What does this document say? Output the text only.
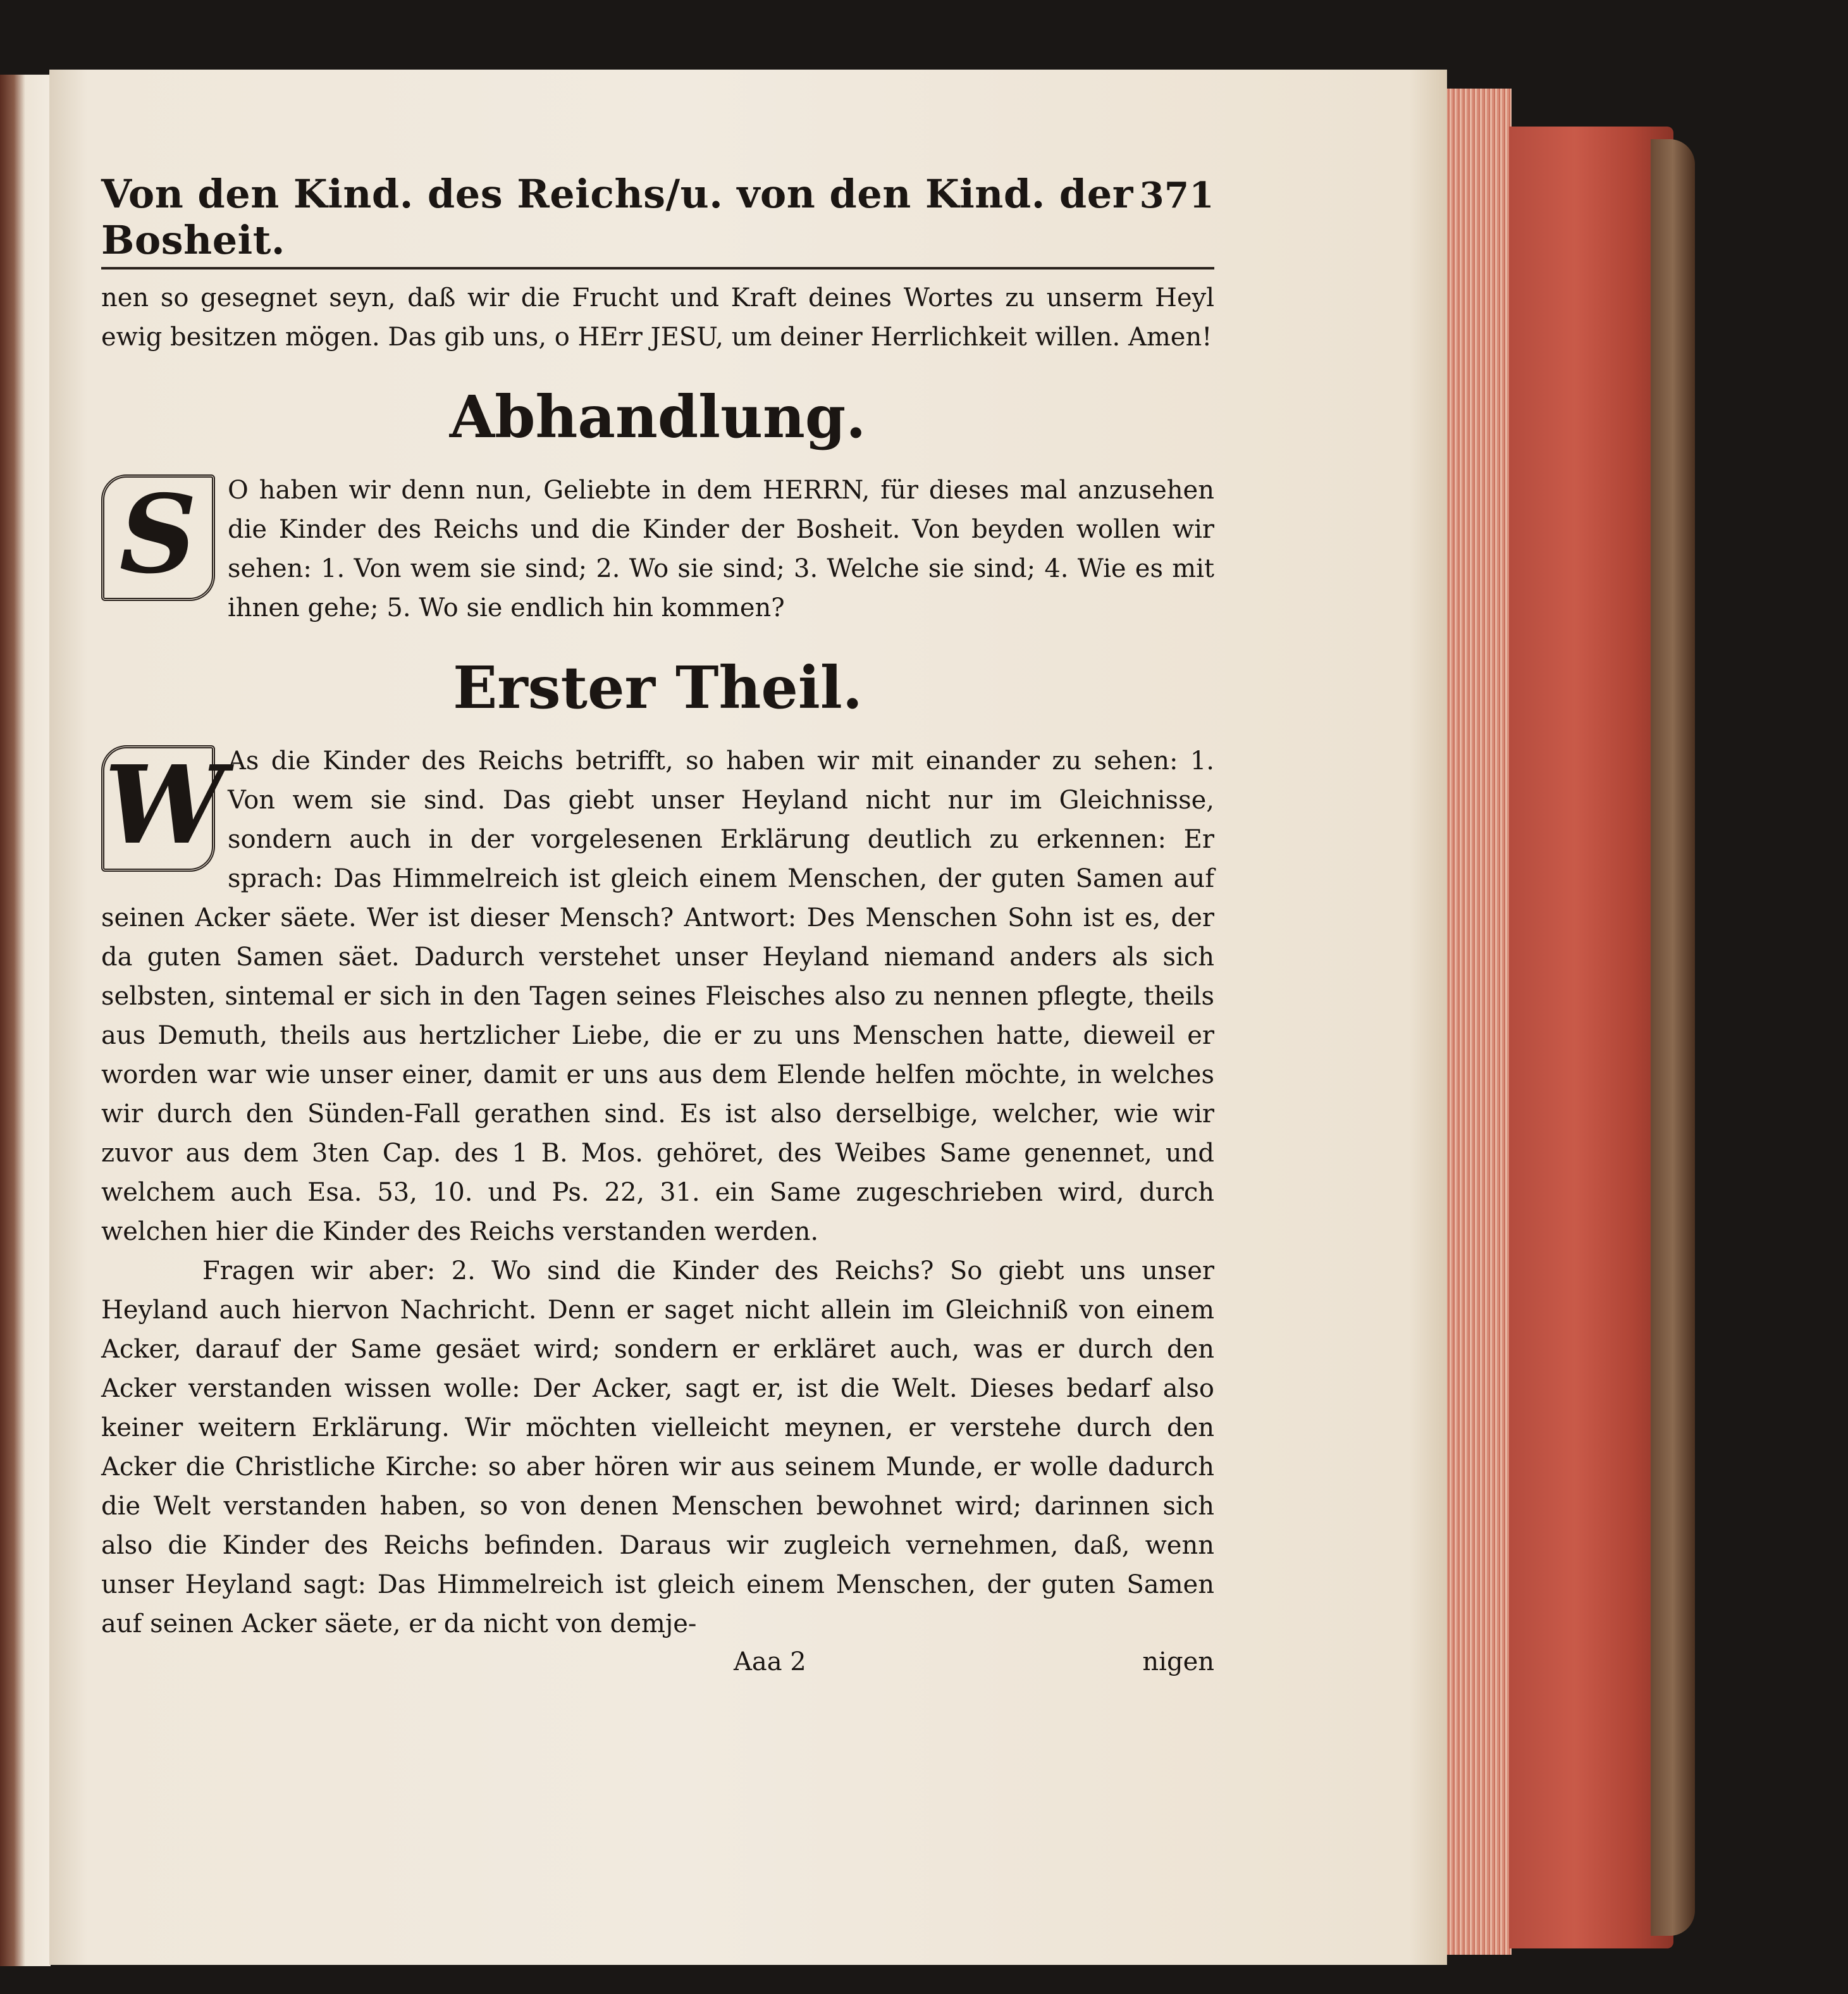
Von den Kind. des Reichs/u. von den Kind. der Bosheit.
371

nen so gesegnet seyn, daß wir die Frucht und Kraft deines Wortes zu unserm Heyl ewig besitzen mögen. Das gib uns, o HErr JESU, um deiner Herrlichkeit willen. Amen!

Abhandlung.
S	O haben wir denn nun, Geliebte in dem HERRN, für dieses mal anzusehen die Kinder des Reichs und die Kinder der Bosheit. Von beyden wollen wir sehen: 1. Von wem sie sind; 2. Wo sie sind; 3. Welche sie sind; 4. Wie es mit ihnen gehe; 5. Wo sie endlich hin kommen?

Erster Theil.
W As die Kinder des Reichs betrifft, so haben wir mit einander zu sehen: 1. Von wem sie sind. Das giebt unser Heyland nicht nur im Gleichnisse, sondern auch in der vorgelesenen Erklärung deutlich zu erkennen: Er sprach: Das Himmelreich ist gleich einem Menschen, der guten Samen auf seinen Acker säete. Wer ist dieser Mensch? Antwort: Des Menschen Sohn ist es, der da guten Samen säet. Dadurch verstehet unser Heyland niemand anders als sich selbsten, sintemal er sich in den Tagen seines Fleisches also zu nennen pflegte, theils aus Demuth, theils aus hertzlicher Liebe, die er zu uns Menschen hatte, dieweil er worden war wie unser einer, damit er uns aus dem Elende helfen möchte, in welches wir durch den Sünden-Fall gerathen sind. Es ist also derselbige, welcher, wie wir zuvor aus dem 3ten Cap. des 1 B. Mos. gehöret, des Weibes Same genennet, und welchem auch Esa. 53, 10. und Ps. 22, 31. ein Same zugeschrieben wird, durch welchen hier die Kinder des Reichs verstanden werden.

Fragen wir aber: 2. Wo sind die Kinder des Reichs? So giebt uns unser Heyland auch hiervon Nachricht. Denn er saget nicht allein im Gleichniß von einem Acker, darauf der Same gesäet wird; sondern er erkläret auch, was er durch den Acker verstanden wissen wolle: Der Acker, sagt er, ist die Welt. Dieses bedarf also keiner weitern Erklärung. Wir möchten vielleicht meynen, er verstehe durch den Acker die Christliche Kirche: so aber hören wir aus seinem Munde, er wolle dadurch die Welt verstanden haben, so von denen Menschen bewohnet wird; darinnen sich also die Kinder des Reichs befinden. Daraus wir zugleich vernehmen, daß, wenn unser Heyland sagt: Das Himmelreich ist gleich einem Menschen, der guten Samen auf seinen Acker säete, er da nicht von demje-

Aaa 2	nigen
